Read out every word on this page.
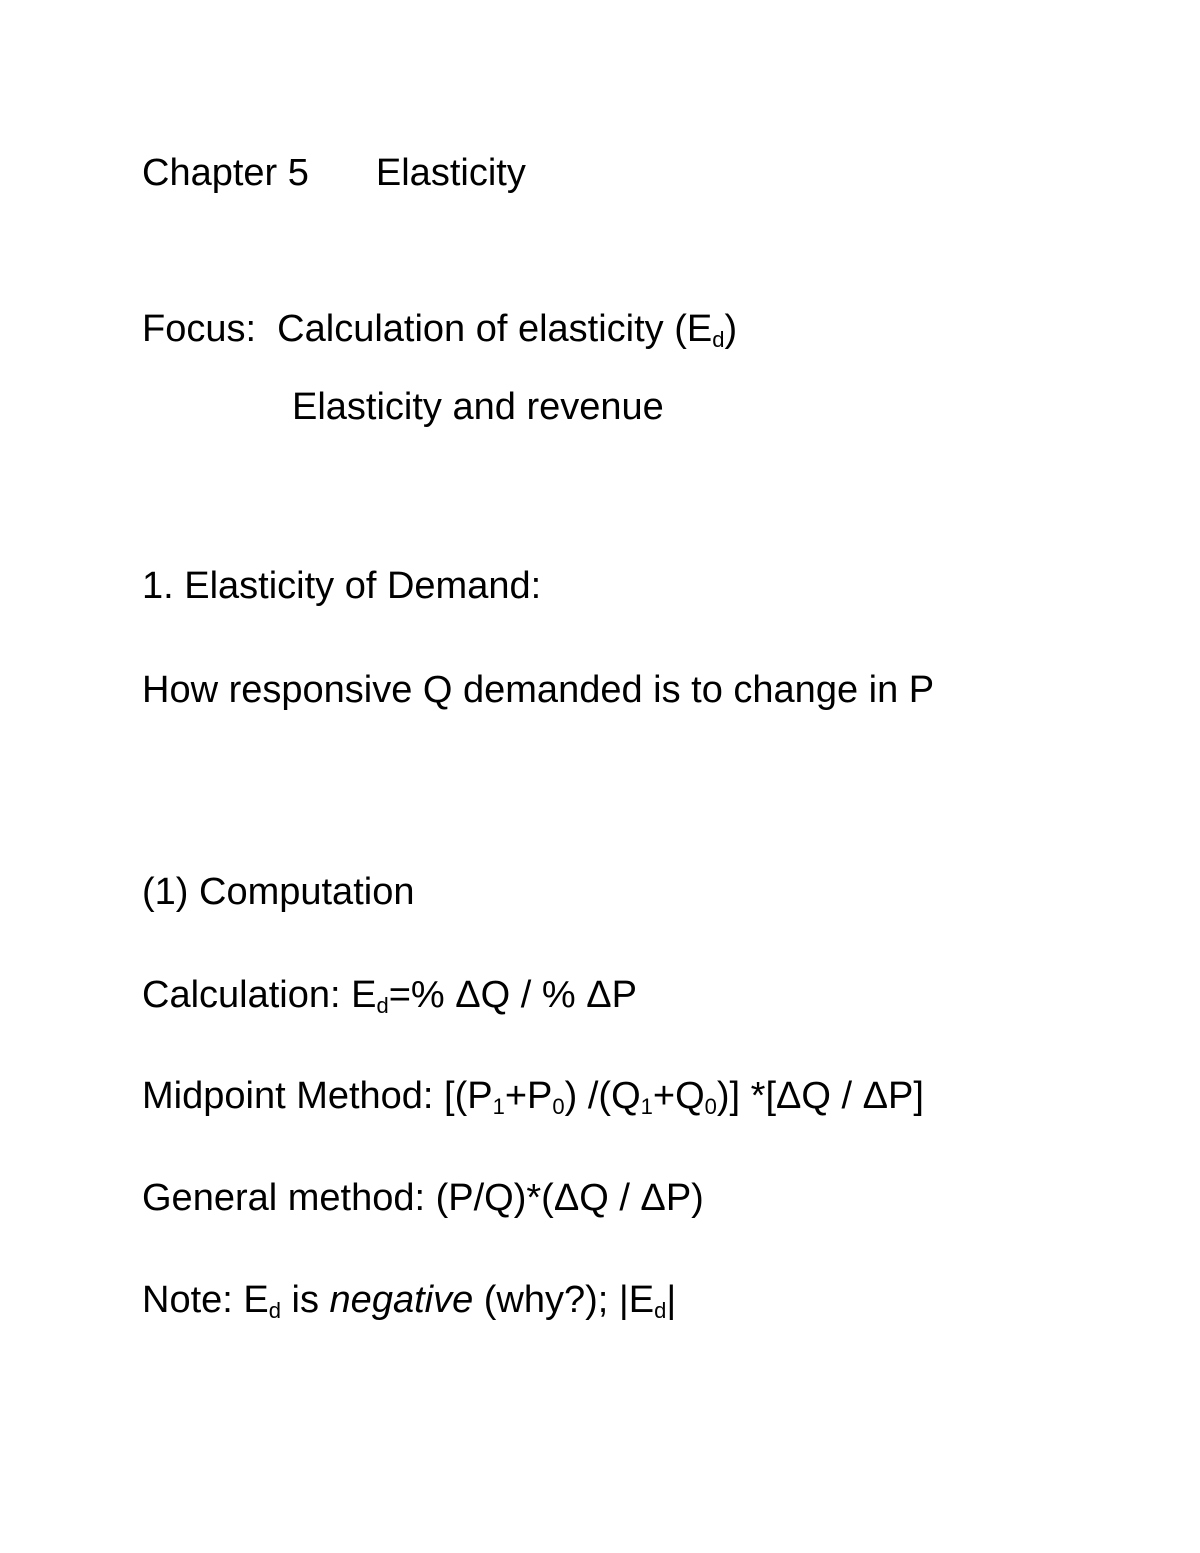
Chapter 5 Elasticity
Focus: Calculation of elasticity $(E_d)$
Elasticity and revenue
1. Elasticity of Demand:
How responsive Q demanded is to change in P
(1) Computation
Calculation: $E_d=\%$ ΔQ / % ΔP
Midpoint Method: [$(P_1+P_0)$ $/(Q_1+Q_0)$] *[ΔQ / ΔP]
General method: (P/Q)*(ΔQ / ΔP)
Note: $E_d$ is negative (why?); $|E_d|$
